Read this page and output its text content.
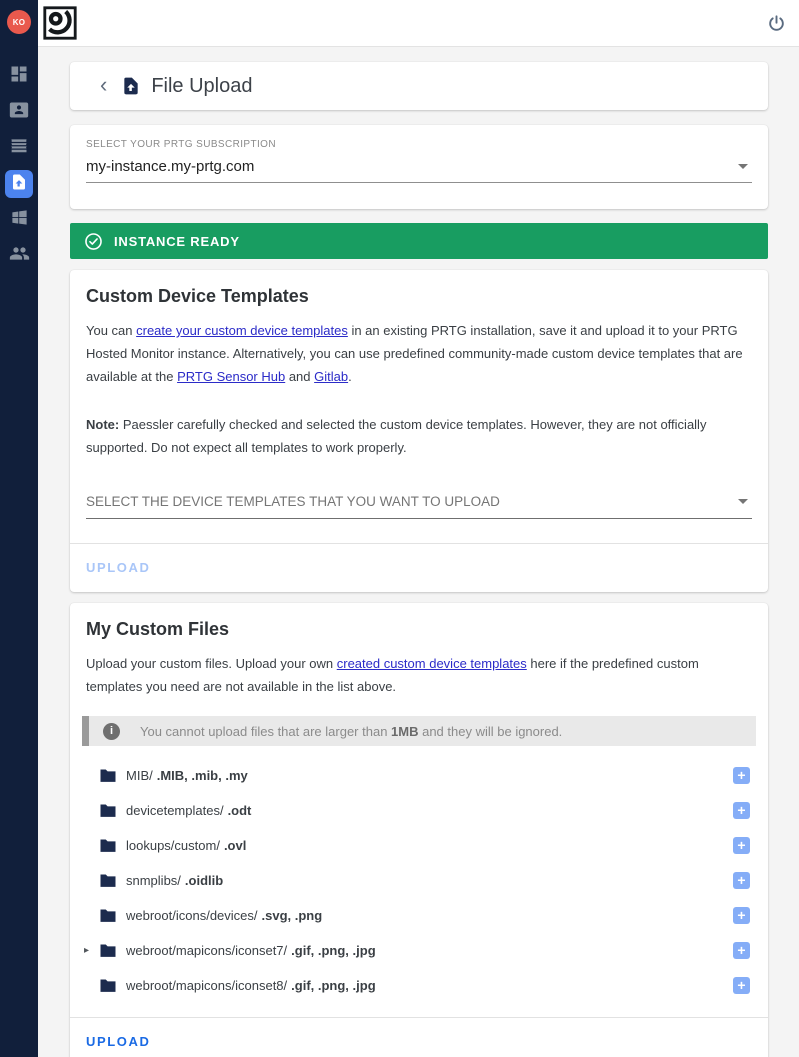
KO
‹ File Upload
SELECT YOUR PRTG SUBSCRIPTION
my-instance.my-prtg.com
INSTANCE READY
Custom Device Templates

You can create your custom device templates in an existing PRTG installation, save it and upload it to your PRTG Hosted Monitor instance. Alternatively, you can use predefined community-made custom device templates that are available at the PRTG Sensor Hub and Gitlab.

Note: Paessler carefully checked and selected the custom device templates. However, they are not officially supported. Do not expect all templates to work properly.

SELECT THE DEVICE TEMPLATES THAT YOU WANT TO UPLOAD
UPLOAD
My Custom Files

Upload your custom files. Upload your own created custom device templates here if the predefined custom templates you need are not available in the list above.

i	You cannot upload files that are larger than 1MB and they will be ignored.
MIB/ .MIB, .mib, .my	+
devicetemplates/ .odt	+
lookups/custom/ .ovl	+
snmplibs/ .oidlib	+
webroot/icons/devices/ .svg, .png	+
▸	webroot/mapicons/iconset7/ .gif, .png, .jpg	+
webroot/mapicons/iconset8/ .gif, .png, .jpg	+
UPLOAD
